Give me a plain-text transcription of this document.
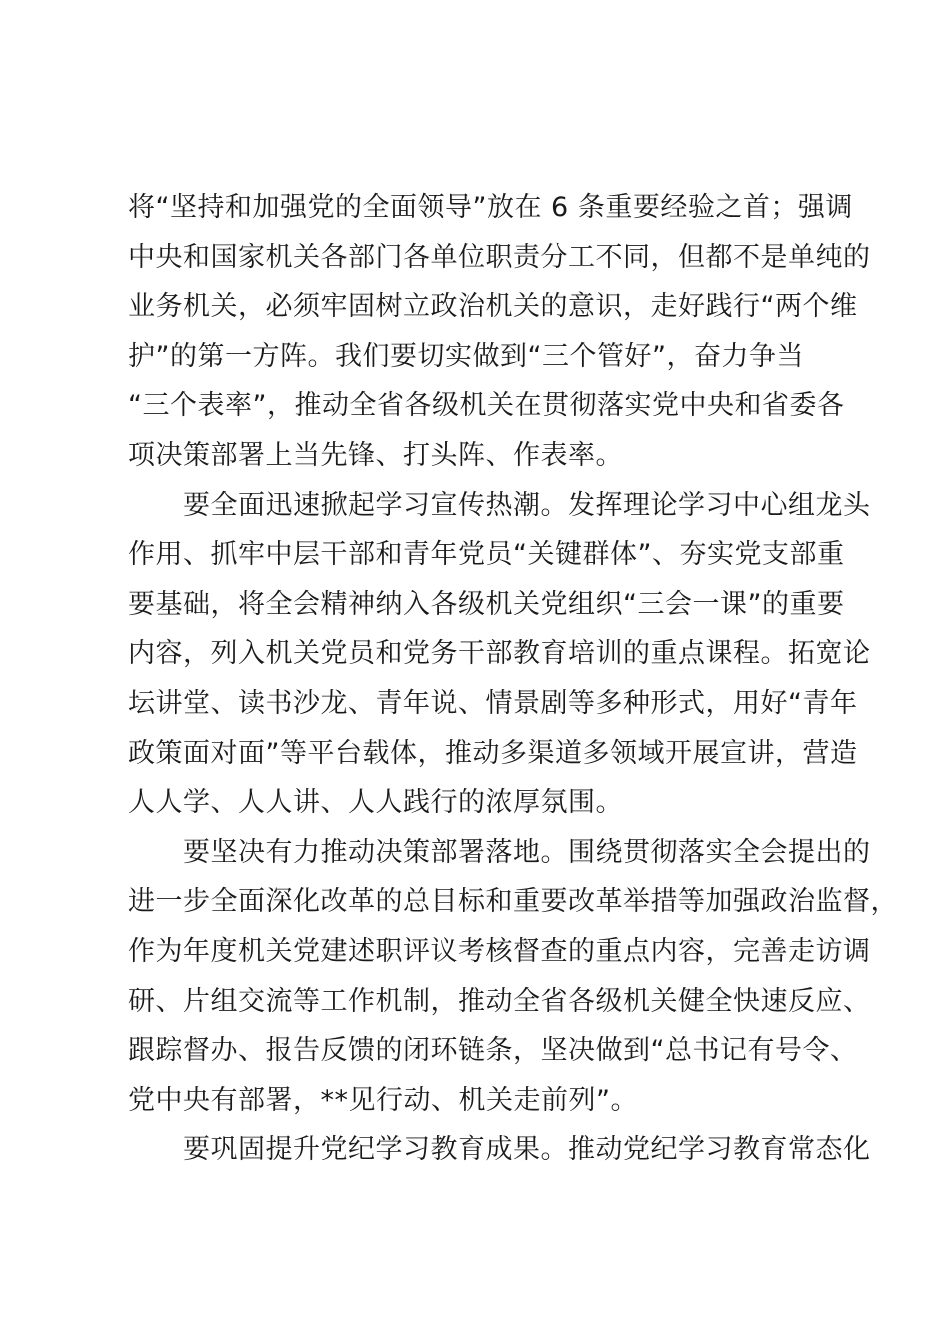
将“坚持和加强党的全面领导”放在 6 条重要经验之首；强调
中央和国家机关各部门各单位职责分工不同，但都不是单纯的
业务机关，必须牢固树立政治机关的意识，走好践行“两个维
护”的第一方阵。我们要切实做到“三个管好”，奋力争当
“三个表率”，推动全省各级机关在贯彻落实党中央和省委各
项决策部署上当先锋、打头阵、作表率。
　　要全面迅速掀起学习宣传热潮。发挥理论学习中心组龙头
作用、抓牢中层干部和青年党员“关键群体”、夯实党支部重
要基础，将全会精神纳入各级机关党组织“三会一课”的重要
内容，列入机关党员和党务干部教育培训的重点课程。拓宽论
坛讲堂、读书沙龙、青年说、情景剧等多种形式，用好“青年
政策面对面”等平台载体，推动多渠道多领域开展宣讲，营造
人人学、人人讲、人人践行的浓厚氛围。
　　要坚决有力推动决策部署落地。围绕贯彻落实全会提出的
进一步全面深化改革的总目标和重要改革举措等加强政治监督，
作为年度机关党建述职评议考核督查的重点内容，完善走访调
研、片组交流等工作机制，推动全省各级机关健全快速反应、
跟踪督办、报告反馈的闭环链条，坚决做到“总书记有号令、
党中央有部署，**见行动、机关走前列”。
　　要巩固提升党纪学习教育成果。推动党纪学习教育常态化
